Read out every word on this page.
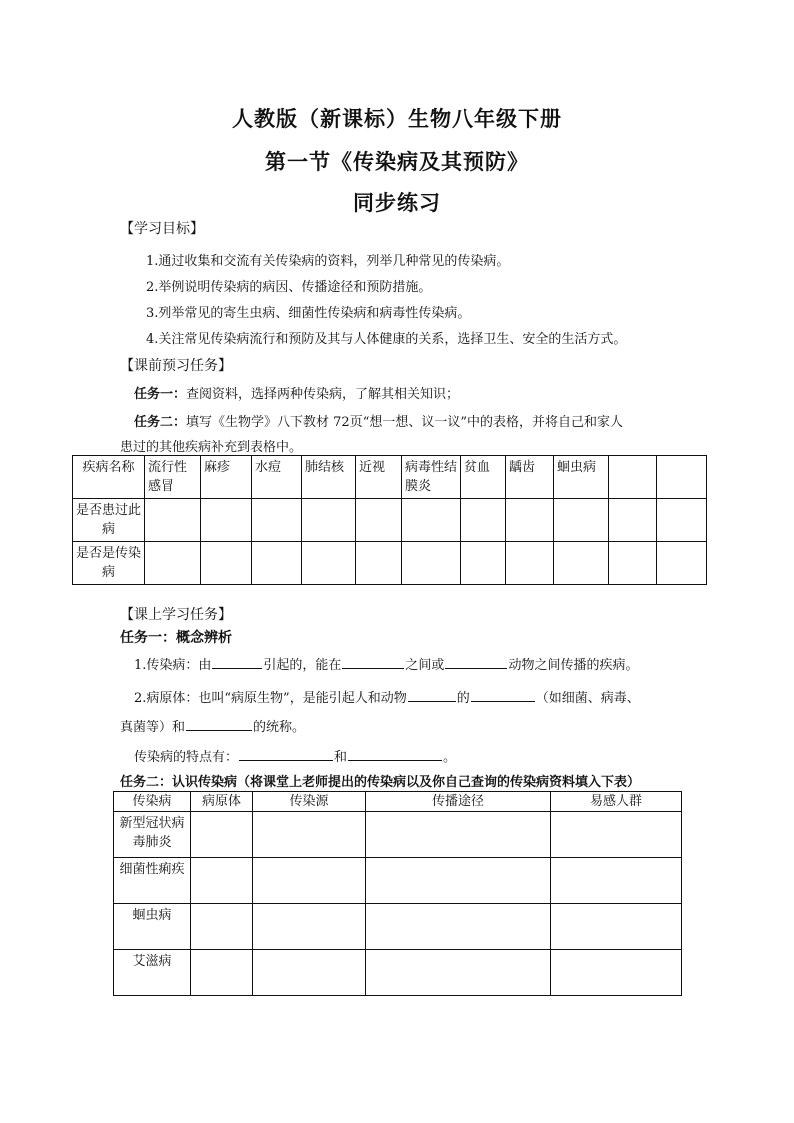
人教版（新课标）生物八年级下册
第一节《传染病及其预防》
同步练习
【学习目标】
1.通过收集和交流有关传染病的资料，列举几种常见的传染病。
2.举例说明传染病的病因、传播途径和预防措施。
3.列举常见的寄生虫病、细菌性传染病和病毒性传染病。
4.关注常见传染病流行和预防及其与人体健康的关系，选择卫生、安全的生活方式。
【课前预习任务】
任务一：查阅资料，选择两种传染病，了解其相关知识；
任务二：填写《生物学》八下教材 72页“想一想、议一议”中的表格，并将自己和家人
患过的其他疾病补充到表格中。
疾病名称	流行性感冒	麻疹	水痘	肺结核	近视	病毒性结膜炎	贫血	龋齿	蛔虫病		
是否患过此病											
是否是传染病											
【课上学习任务】
任务一：概念辨析
1.传染病：由	引起的，能在	之间或	动物之间传播的疾病。
2.病原体：也叫“病原生物”，是能引起人和动物	的	（如细菌、病毒、
真菌等）和	的统称。
传染病的特点有：	和	。
任务二：认识传染病（将课堂上老师提出的传染病以及你自己查询的传染病资料填入下表）
传染病	病原体	传染源	传播途径	易感人群
新型冠状病毒肺炎				
细菌性痢疾				
蛔虫病				
艾滋病				
